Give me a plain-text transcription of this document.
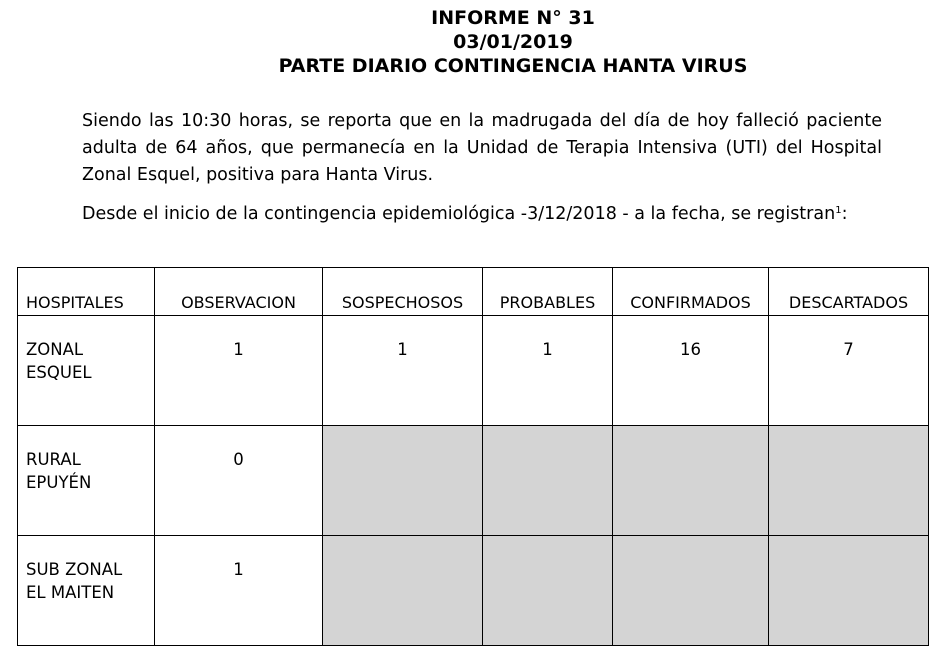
INFORME N° 31
03/01/2019
PARTE DIARIO CONTINGENCIA HANTA VIRUS
Siendo las 10:30 horas, se reporta que en la madrugada del día de hoy falleció paciente adulta de 64 años, que permanecía en la Unidad de Terapia Intensiva (UTI) del Hospital Zonal Esquel, positiva para Hanta Virus.
Desde el inicio de la contingencia epidemiológica -3/12/2018 - a la fecha, se registran$^1$:
HOSPITALES	OBSERVACION	SOSPECHOSOS	PROBABLES	CONFIRMADOS	DESCARTADOS

ZONAL
ESQUEL	1	1	1	16	7

RURAL
EPUYÉN	0				

SUB ZONAL
EL MAITEN	1				
